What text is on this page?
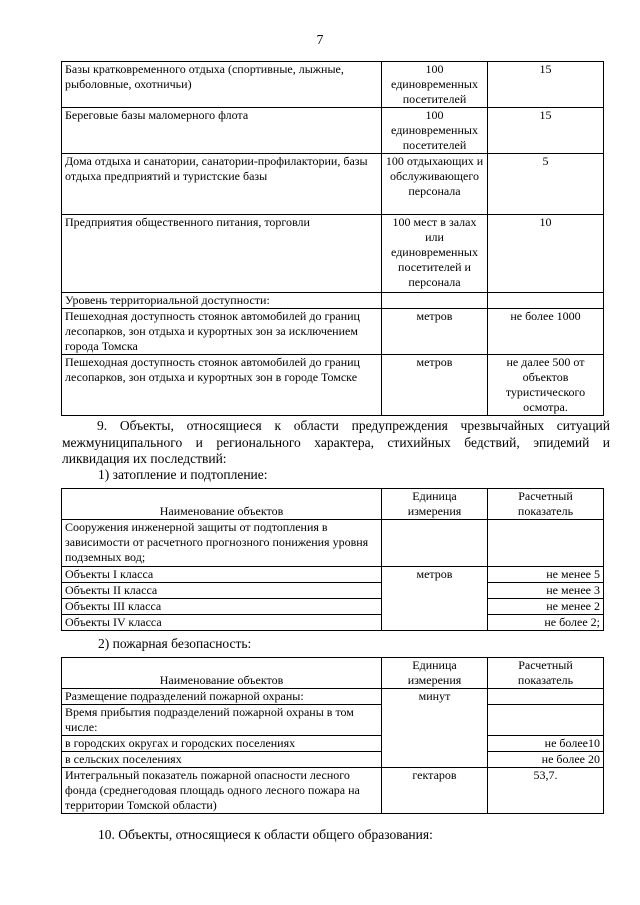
7
Базы кратковременного отдыха (спортивные, лыжные, рыболовные, охотничьи)	100 единовременных посетителей	15
Береговые базы маломерного флота	100 единовременных посетителей	15
Дома отдыха и санатории, санатории-профилактории, базы отдыха предприятий и туристские базы	100 отдыхающих и обслуживающего персонала	5
Предприятия общественного питания, торговли	100 мест в залах или единовременных посетителей и персонала	10
Уровень территориальной доступности:		
Пешеходная доступность стоянок автомобилей до границ лесопарков, зон отдыха и курортных зон за исключением города Томска	метров	не более 1000
Пешеходная доступность стоянок автомобилей до границ лесопарков, зон отдыха и курортных зон в городе Томске	метров	не далее 500 от объектов туристического осмотра.
9. Объекты, относящиеся к области предупреждения чрезвычайных ситуаций
межмуниципального и регионального характера, стихийных бедствий, эпидемий и
ликвидация их последствий:
1) затопление и подтопление:
Наименование объектов	Единица измерения	Расчетный показатель
Сооружения инженерной защиты от подтопления в зависимости от расчетного прогнозного понижения уровня подземных вод;		
Объекты I класса	метров	не менее 5
Объекты II класса		не менее 3
Объекты III класса		не менее 2
Объекты IV класса		не более 2;
2) пожарная безопасность:
Наименование объектов	Единица измерения	Расчетный показатель
Размещение подразделений пожарной охраны:	минут	
Время прибытия подразделений пожарной охраны в том числе:		
в городских округах и городских поселениях		не более10
в сельских поселениях		не более 20
Интегральный показатель пожарной опасности лесного фонда (среднегодовая площадь одного лесного пожара на территории Томской области)	гектаров	53,7.
10. Объекты, относящиеся к области общего образования:
